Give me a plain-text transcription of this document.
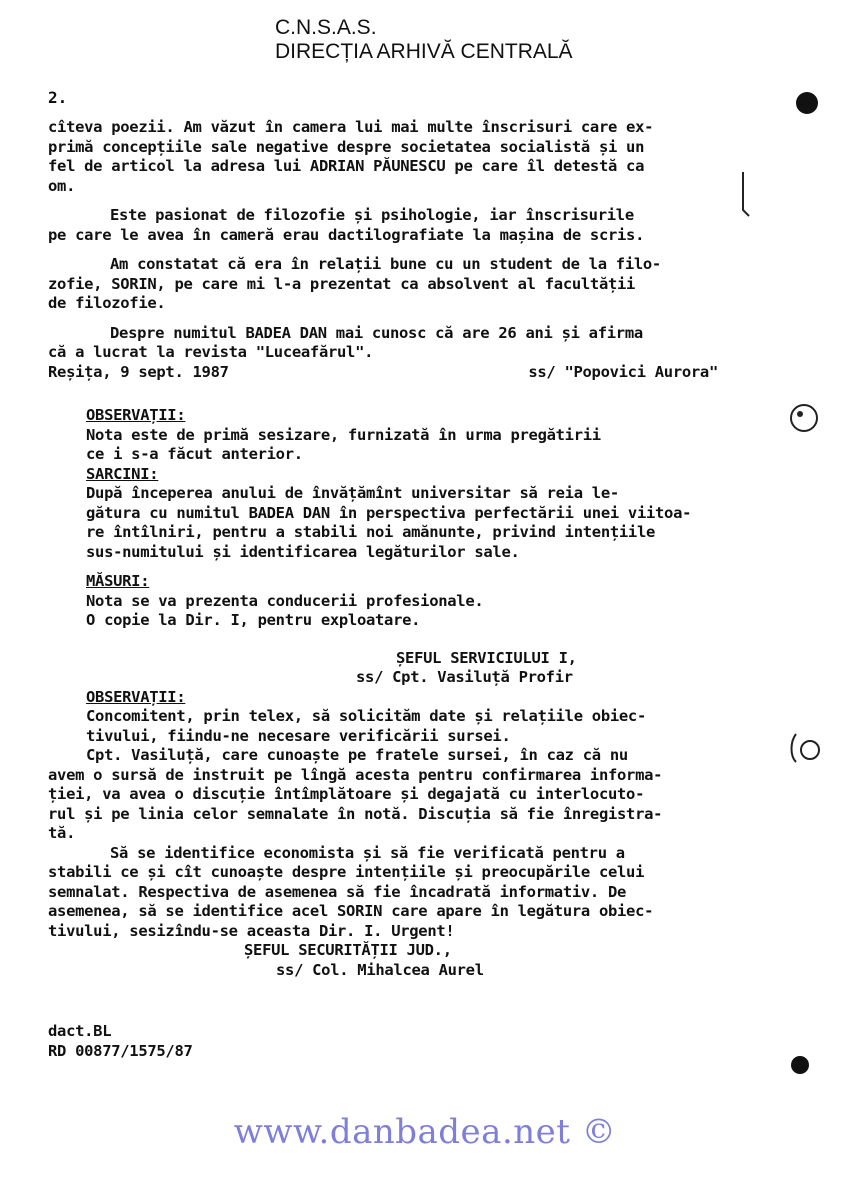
C.N.S.A.S.
DIRECȚIA ARHIVĂ CENTRALĂ
2.
cîteva poezii. Am văzut în camera lui mai multe înscrisuri care ex-
primă concepțiile sale negative despre societatea socialistă și un
fel de articol la adresa lui ADRIAN PĂUNESCU pe care îl detestă ca
om.
Este pasionat de filozofie și psihologie, iar înscrisurile
pe care le avea în cameră erau dactilografiate la mașina de scris.
Am constatat că era în relații bune cu un student de la filo-
zofie, SORIN, pe care mi l-a prezentat ca absolvent al facultății
de filozofie.
Despre numitul BADEA DAN mai cunosc că are 26 ani și afirma
că a lucrat la revista "Luceafărul".
Reșița, 9 sept. 1987	ss/ "Popovici Aurora"
OBSERVAȚII:
Nota este de primă sesizare, furnizată în urma pregătirii
ce i s-a făcut anterior.
SARCINI:
După începerea anului de învățămînt universitar să reia le-
gătura cu numitul BADEA DAN în perspectiva perfectării unei viitoa-
re întîlniri, pentru a stabili noi amănunte, privind intențiile
sus-numitului și identificarea legăturilor sale.
MĂSURI:
Nota se va prezenta conducerii profesionale.
O copie la Dir. I, pentru exploatare.
ȘEFUL SERVICIULUI I,
ss/ Cpt. Vasiluță Profir
OBSERVAȚII:
Concomitent, prin telex, să solicităm date și relațiile obiec-
tivului, fiindu-ne necesare verificării sursei.
Cpt. Vasiluță, care cunoaște pe fratele sursei, în caz că nu
avem o sursă de instruit pe lîngă acesta pentru confirmarea informa-
ției, va avea o discuție întîmplătoare și degajată cu interlocuto-
rul și pe linia celor semnalate în notă. Discuția să fie înregistra-
tă.
Să se identifice economista și să fie verificată pentru a
stabili ce și cît cunoaște despre intențiile și preocupările celui
semnalat. Respectiva de asemenea să fie încadrată informativ. De
asemenea, să se identifice acel SORIN care apare în legătura obiec-
tivului, sesizîndu-se aceasta Dir. I. Urgent!
ȘEFUL SECURITĂȚII JUD.,
ss/ Col. Mihalcea Aurel
dact.BL
RD 00877/1575/87
www.danbadea.net ©
